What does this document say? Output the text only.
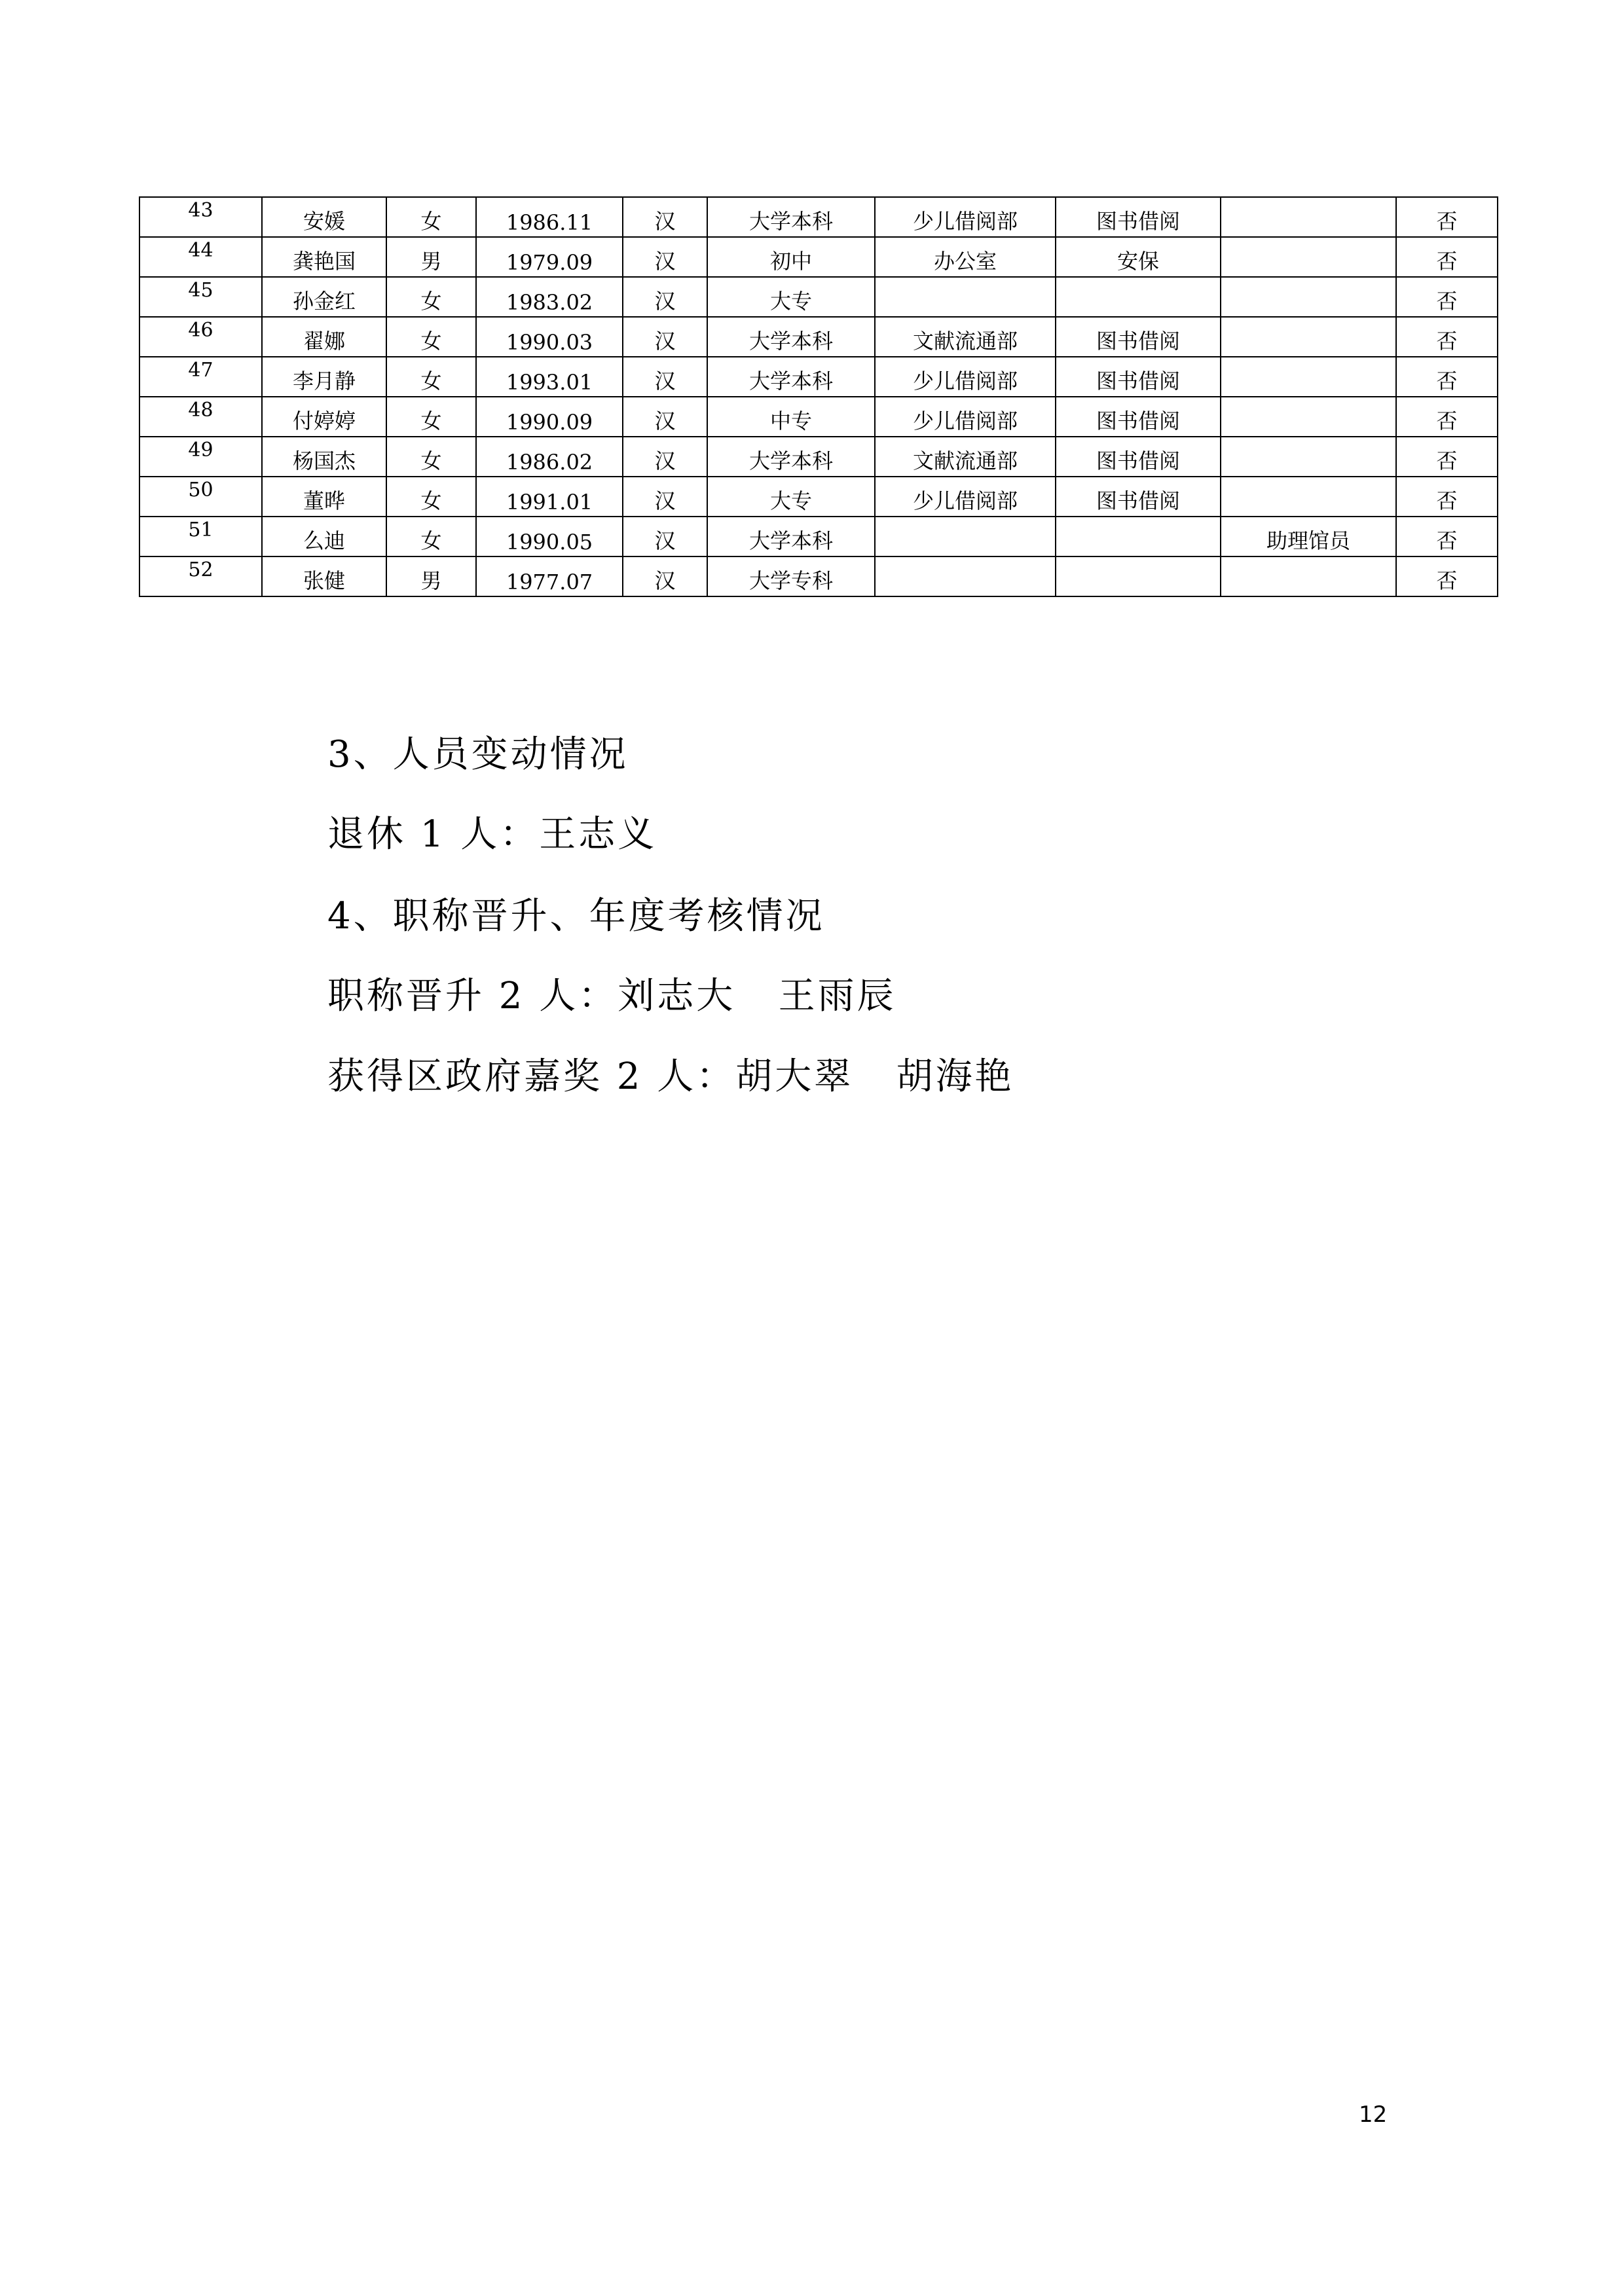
43	安媛	女	1986.11	汉	大学本科	少儿借阅部	图书借阅		否
44	龚艳国	男	1979.09	汉	初中	办公室	安保		否
45	孙金红	女	1983.02	汉	大专				否
46	翟娜	女	1990.03	汉	大学本科	文献流通部	图书借阅		否
47	李月静	女	1993.01	汉	大学本科	少儿借阅部	图书借阅		否
48	付婷婷	女	1990.09	汉	中专	少儿借阅部	图书借阅		否
49	杨国杰	女	1986.02	汉	大学本科	文献流通部	图书借阅		否
50	董晔	女	1991.01	汉	大专	少儿借阅部	图书借阅		否
51	么迪	女	1990.05	汉	大学本科			助理馆员	否
52	张健	男	1977.07	汉	大学专科				否
3、人员变动情况
退休 1 人：王志义
4、职称晋升、年度考核情况
职称晋升 2 人：刘志大   王雨辰
获得区政府嘉奖 2 人：胡大翠   胡海艳
12
